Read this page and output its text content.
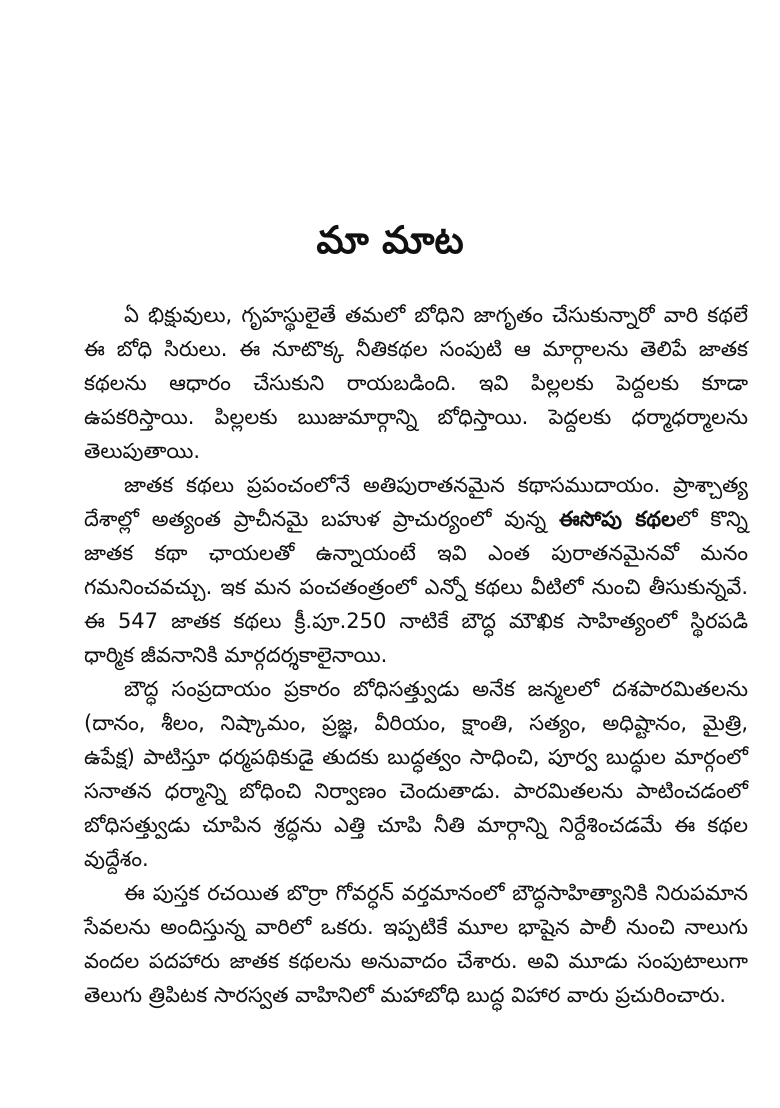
మా మాట
ఏ భిక్షువులు, గృహస్థులైతే తమలో బోధిని జాగృతం చేసుకున్నారో వారి కథలే
ఈ బోధి సిరులు. ఈ నూటొక్క నీతికథల సంపుటి ఆ మార్గాలను తెలిపే జాతక
కథలను ఆధారం చేసుకుని రాయబడింది. ఇవి పిల్లలకు పెద్దలకు కూడా
ఉపకరిస్తాయి. పిల్లలకు ఋజుమార్గాన్ని బోధిస్తాయి. పెద్దలకు ధర్మాధర్మాలను
తెలుపుతాయి.
జాతక కథలు ప్రపంచంలోనే అతిపురాతనమైన కథాసముదాయం. ప్రాశ్చాత్య
దేశాల్లో అత్యంత ప్రాచీనమై బహుళ ప్రాచుర్యంలో వున్న ఈసోపు కథలలో కొన్ని
జాతక కథా ఛాయలతో ఉన్నాయంటే ఇవి ఎంత పురాతనమైనవో మనం
గమనించవచ్చు. ఇక మన పంచతంత్రంలో ఎన్నో కథలు వీటిలో నుంచి తీసుకున్నవే.
ఈ 547 జాతక కథలు క్రీ.పూ.250 నాటికే బౌద్ధ మౌఖిక సాహిత్యంలో స్థిరపడి
ధార్మిక జీవనానికి మార్గదర్శకాలైనాయి.
బౌద్ధ సంప్రదాయం ప్రకారం బోధిసత్త్వుడు అనేక జన్మలలో దశపారమితలను
(దానం, శీలం, నిష్కామం, ప్రజ్ఞ, వీరియం, క్షాంతి, సత్యం, అధిష్టానం, మైత్రి,
ఉపేక్ష) పాటిస్తూ ధర్మపథికుడై తుదకు బుద్ధత్వం సాధించి, పూర్వ బుద్ధుల మార్గంలో
సనాతన ధర్మాన్ని బోధించి నిర్వాణం చెందుతాడు. పారమితలను పాటించడంలో
బోధిసత్త్వుడు చూపిన శ్రద్ధను ఎత్తి చూపి నీతి మార్గాన్ని నిర్దేశించడమే ఈ కథల
వుద్దేశం.
ఈ పుస్తక రచయిత బొర్రా గోవర్ధన్ వర్తమానంలో బౌద్ధసాహిత్యానికి నిరుపమాన
సేవలను అందిస్తున్న వారిలో ఒకరు. ఇప్పటికే మూల భాషైన పాలీ నుంచి నాలుగు
వందల పదహారు జాతక కథలను అనువాదం చేశారు. అవి మూడు సంపుటాలుగా
తెలుగు త్రిపిటక సారస్వత వాహినిలో మహాబోధి బుద్ధ విహార వారు ప్రచురించారు.
